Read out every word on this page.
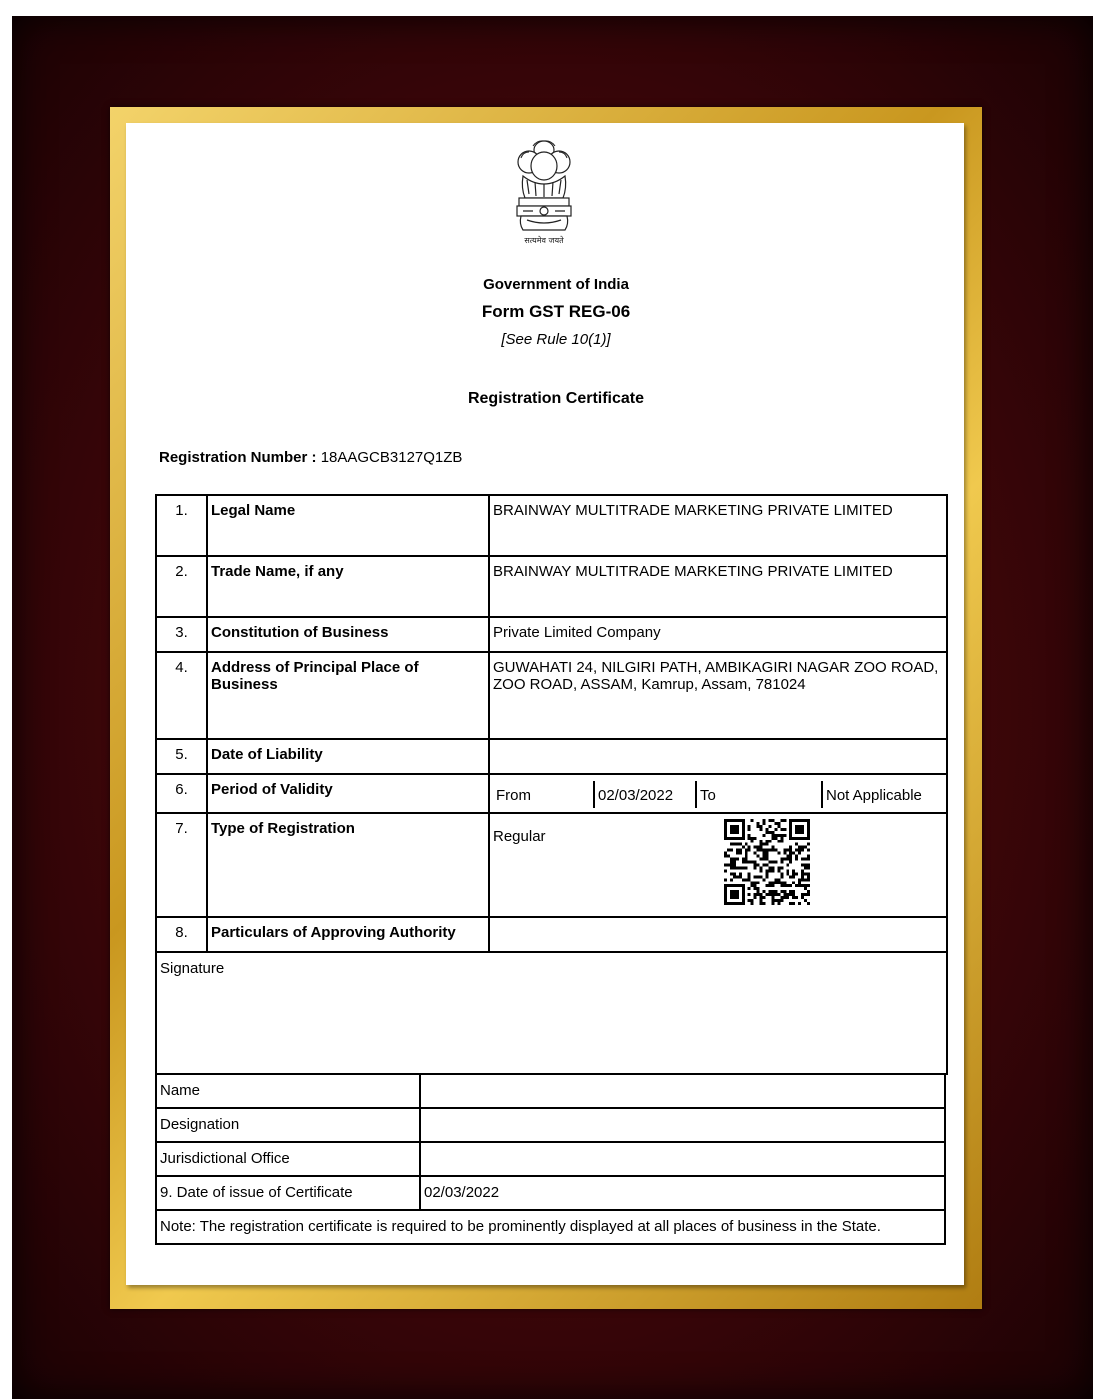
सत्यमेव जयते
Government of India
Form GST REG-06
[See Rule 10(1)]
Registration Certificate
Registration Number : 18AAGCB3127Q1ZB
1.	Legal Name	BRAINWAY MULTITRADE MARKETING PRIVATE LIMITED
2.	Trade Name, if any	BRAINWAY MULTITRADE MARKETING PRIVATE LIMITED
3.	Constitution of Business	Private Limited Company
4.	Address of Principal Place of Business	GUWAHATI 24, NILGIRI PATH, AMBIKAGIRI NAGAR ZOO ROAD, ZOO ROAD, ASSAM, Kamrup, Assam, 781024
5.	Date of Liability	
6.	Period of Validity		From	02/03/2022	To	Not Applicable

7.	Type of Registration	Regular
8.	Particulars of Approving Authority	
Signature
Name	
Designation	
Jurisdictional Office	
9. Date of issue of Certificate	02/03/2022
Note: The registration certificate is required to be prominently displayed at all places of business in the State.	
